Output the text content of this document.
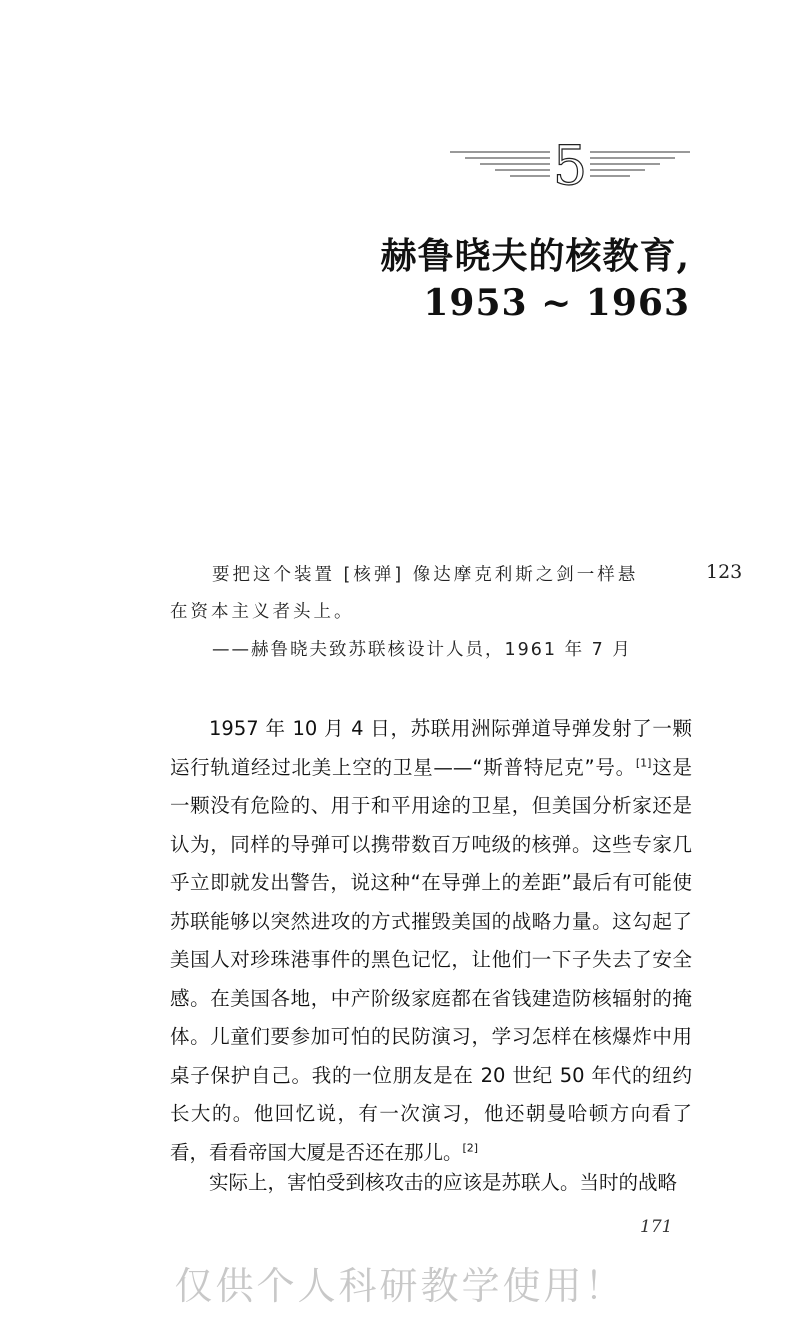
5
赫鲁晓夫的核教育,
1953 ~ 1963
要把这个装置 [核弹] 像达摩克利斯之剑一样悬
在资本主义者头上。
——赫鲁晓夫致苏联核设计人员，1961 年 7 月
123

1957 年 10 月 4 日，苏联用洲际弹道导弹发射了一颗运行轨道经过北美上空的卫星——“斯普特尼克”号。[1]这是一颗没有危险的、用于和平用途的卫星，但美国分析家还是认为，同样的导弹可以携带数百万吨级的核弹。这些专家几乎立即就发出警告，说这种“在导弹上的差距”最后有可能使苏联能够以突然进攻的方式摧毁美国的战略力量。这勾起了美国人对珍珠港事件的黑色记忆，让他们一下子失去了安全感。在美国各地，中产阶级家庭都在省钱建造防核辐射的掩体。儿童们要参加可怕的民防演习，学习怎样在核爆炸中用桌子保护自己。我的一位朋友是在 20 世纪 50 年代的纽约长大的。他回忆说，有一次演习，他还朝曼哈顿方向看了看，看看帝国大厦是否还在那儿。[2]

实际上，害怕受到核攻击的应该是苏联人。当时的战略

171
仅供个人科研教学使用！
